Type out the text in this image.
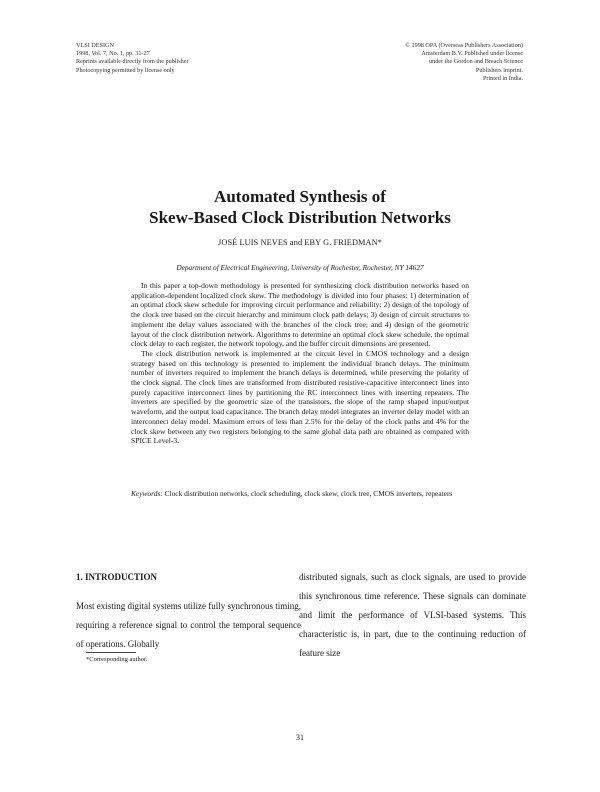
VLSI DESIGN
1998, Vol. 7, No. 1, pp. 31-27
Reprints available directly from the publisher
Photocopying permitted by license only
© 1998 OPA (Overseas Publishers Association)
Amsterdam B.V. Published under license
under the Gordon and Breach Science
Publishers imprint.
Printed in India.
Automated Synthesis of
Skew-Based Clock Distribution Networks
JOSÉ LUIS NEVES and EBY G. FRIEDMAN*
Department of Electrical Engineering, University of Rochester, Rochester, NY 14627

In this paper a top-down methodology is presented for synthesizing clock distribution networks based on application-dependent localized clock skew. The methodology is divided into four phases: 1) determination of an optimal clock skew schedule for improving circuit performance and reliability; 2) design of the topology of the clock tree based on the circuit hierarchy and minimum clock path delays; 3) design of circuit structures to implement the delay values associated with the branches of the clock tree; and 4) design of the geometric layout of the clock distribution network. Algorithms to determine an optimal clock skew schedule, the optimal clock delay to each register, the network topology, and the buffer circuit dimensions are presented.

The clock distribution network is implemented at the circuit level in CMOS technology and a design strategy based on this technology is presented to implement the individual branch delays. The minimum number of inverters required to implement the branch delays is determined, while preserving the polarity of the clock signal. The clock lines are transformed from distributed resistive-capacitive interconnect lines into purely capacitive interconnect lines by partitioning the RC interconnect lines with inserting repeaters. The inverters are specified by the geometric size of the transistors, the slope of the ramp shaped input/output waveform, and the output load capacitance. The branch delay model integrates an inverter delay model with an interconnect delay model. Maximum errors of less than 2.5% for the delay of the clock paths and 4% for the clock skew between any two registers belonging to the same global data path are obtained as compared with SPICE Level-3.

Keywords: Clock distribution networks, clock scheduling, clock skew, clock tree, CMOS inverters, repeaters

1. INTRODUCTION

Most existing digital systems utilize fully synchronous timing, requiring a reference signal to control the temporal sequence of operations. Globally

distributed signals, such as clock signals, are used to provide this synchronous time reference. These signals can dominate and limit the performance of VLSI-based systems. This characteristic is, in part, due to the continuing reduction of feature size

*Corresponding author.
31
